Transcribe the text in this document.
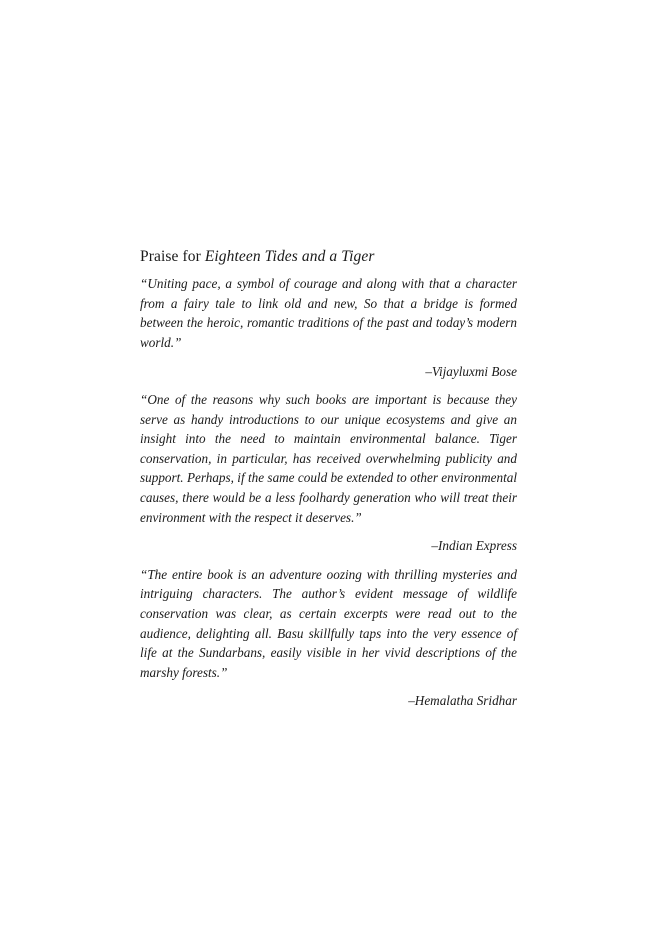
Praise for Eighteen Tides and a Tiger

“Uniting pace, a symbol of courage and along with that a character from a fairy tale to link old and new, So that a bridge is formed between the heroic, romantic traditions of the past and today’s modern world.”

–Vijayluxmi Bose

“One of the reasons why such books are important is because they serve as handy introductions to our unique ecosystems and give an insight into the need to maintain environmental balance. Tiger conservation, in particular, has received overwhelming publicity and support. Perhaps, if the same could be extended to other environmental causes, there would be a less foolhardy generation who will treat their environment with the respect it deserves.”

–Indian Express

“The entire book is an adventure oozing with thrilling mysteries and intriguing characters. The author’s evident message of wildlife conservation was clear, as certain excerpts were read out to the audience, delighting all. Basu skillfully taps into the very essence of life at the Sundarbans, easily visible in her vivid descriptions of the marshy forests.”

–Hemalatha Sridhar
